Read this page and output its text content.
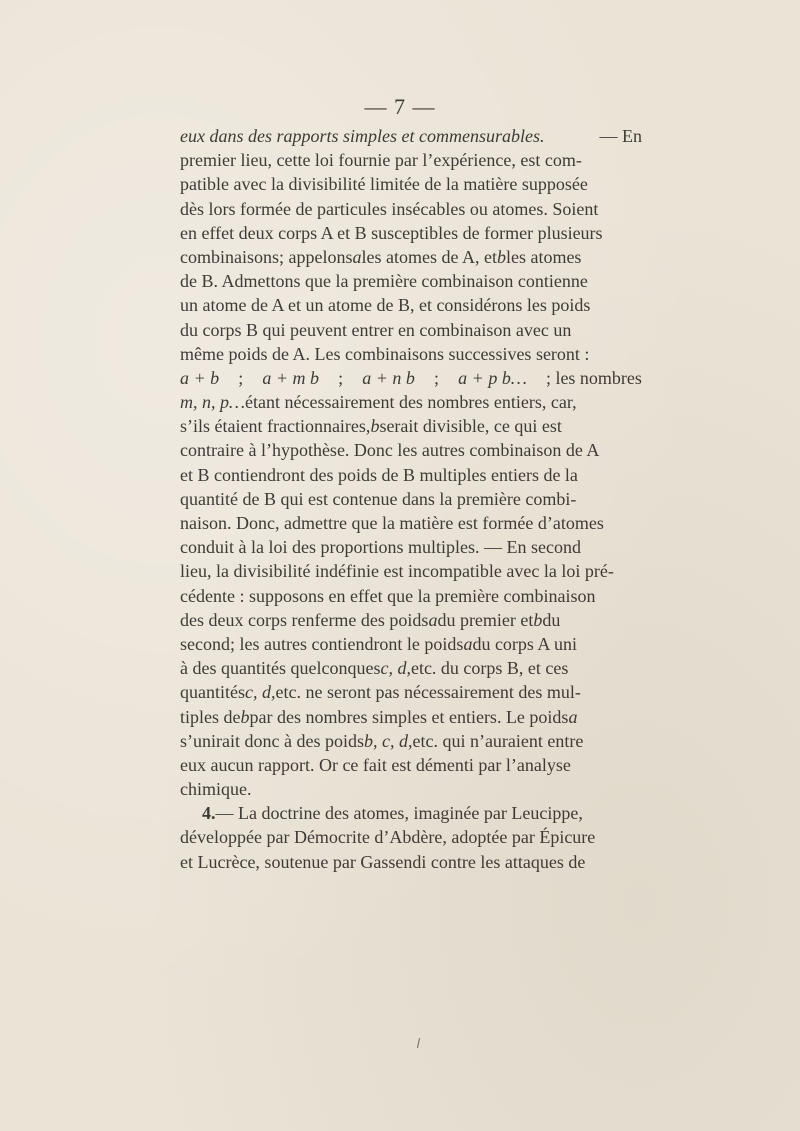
— 7 —
eux dans des rapports simples et commensurables.	— En
premier lieu, cette loi fournie par l’expérience, est com-
patible avec la divisibilité limitée de la matière supposée
dès lors formée de particules insécables ou atomes. Soient
en effet deux corps A et B susceptibles de former plusieurs
combinaisons; appelonsales atomes de A, etbles atomes
de B. Admettons que la première combinaison contienne
un atome de A et un atome de B, et considérons les poids
du corps B qui peuvent entrer en combinaison avec un
même poids de A. Les combinaisons successives seront :
a + b ; a + m b ; a + n b ; a + p b… ; les nombres
m, n, p…étant nécessairement des nombres entiers, car,
s’ils étaient fractionnaires,bserait divisible, ce qui est
contraire à l’hypothèse. Donc les autres combinaison de A
et B contiendront des poids de B multiples entiers de la
quantité de B qui est contenue dans la première combi-
naison. Donc, admettre que la matière est formée d’atomes
conduit à la loi des proportions multiples. — En second
lieu, la divisibilité indéfinie est incompatible avec la loi pré-
cédente : supposons en effet que la première combinaison
des deux corps renferme des poidsadu premier etbdu
second; les autres contiendront le poidsadu corps A uni
à des quantités quelconquesc, d,etc. du corps B, et ces
quantitésc, d,etc. ne seront pas nécessairement des mul-
tiples debpar des nombres simples et entiers. Le poidsa
s’unirait donc à des poidsb, c, d,etc. qui n’auraient entre
eux aucun rapport. Or ce fait est démenti par l’analyse
chimique.
4.— La doctrine des atomes, imaginée par Leucippe,
développée par Démocrite d’Abdère, adoptée par Épicure
et Lucrèce, soutenue par Gassendi contre les attaques de
